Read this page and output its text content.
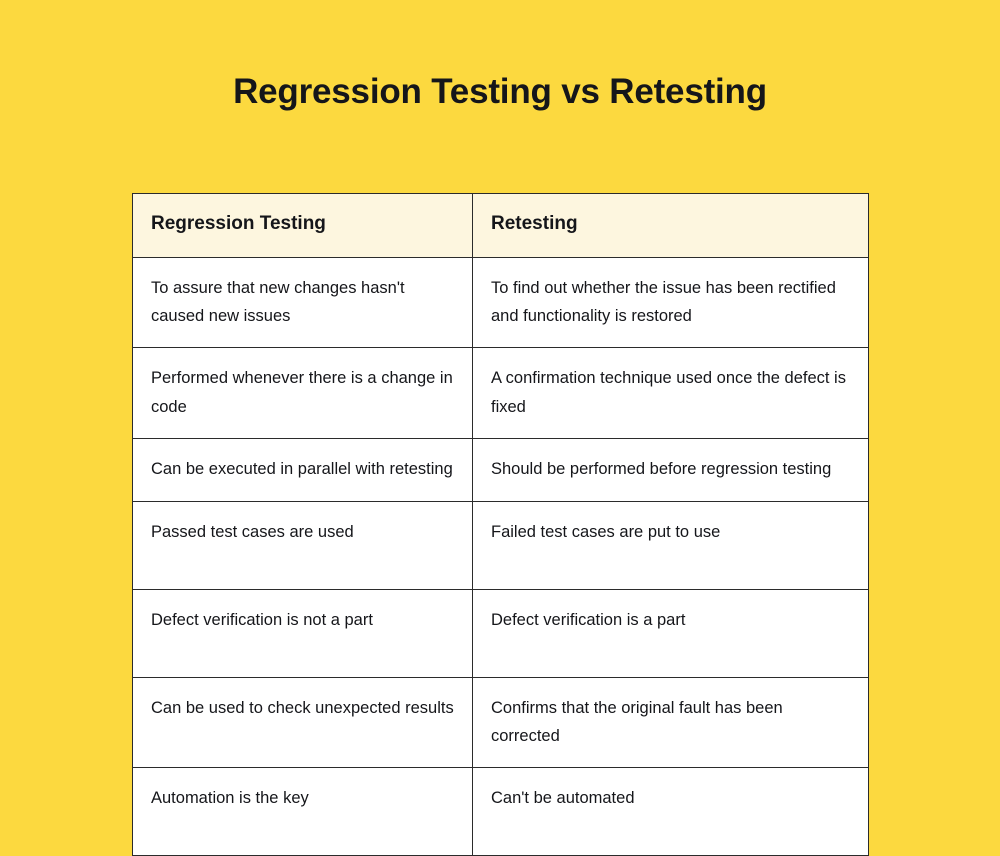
Regression Testing vs Retesting
Regression Testing	Retesting
To assure that new changes hasn't caused new issues	To find out whether the issue has been rectified and functionality is restored
Performed whenever there is a change in code	A confirmation technique used once the defect is fixed
Can be executed in parallel with retesting	Should be performed before regression testing
Passed test cases are used	Failed test cases are put to use
Defect verification is not a part	Defect verification is a part
Can be used to check unexpected results	Confirms that the original fault has been corrected
Automation is the key	Can't be automated
